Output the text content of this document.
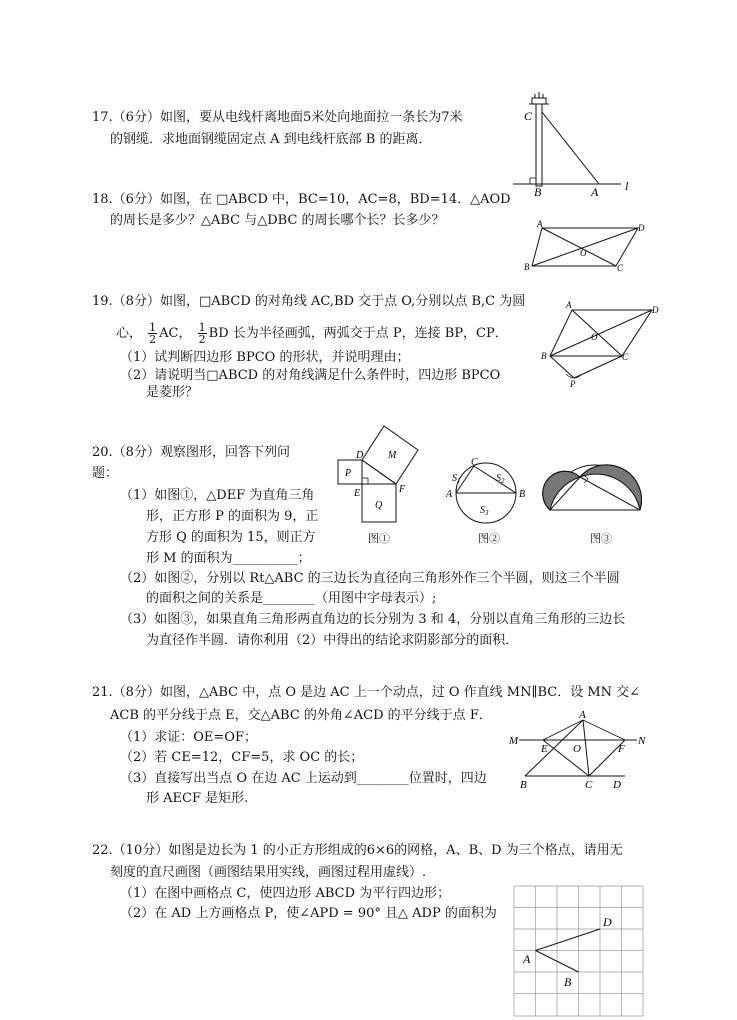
17.（6分）如图，要从电线杆离地面5米处向地面拉一条长为7米
的钢缆．求地面钢缆固定点 A 到电线杆底部 B 的距离．
C
B	A l
18.（6分）如图，在 □ABCD 中，BC=10，AC=8，BD=14．△AOD
的周长是多少？△ABC 与△DBC 的周长哪个长？长多少？	A	D
B	C
O
19.（8分）如图，□ABCD 的对角线 AC,BD 交于点 O,分别以点 B,C 为圆
心， $\frac{1}{2}$ AC， $\frac{1}{2}$ BD 长为半径画弧，两弧交于点 P，连接 BP，CP．
（1）试判断四边形 BPCO 的形状，并说明理由；
（2）请说明当□ABCD 的对角线满足什么条件时，四边形 BPCO
是菱形？
A	D
B	C
O
P
20.（8分）观察图形，回答下列问
题：
（1）如图①，△DEF 为直角三角
形，正方形 P 的面积为 9，正
方形 Q 的面积为 15，则正方
形 M 的面积为__________；
（2）如图②，分别以 Rt△ABC 的三边长为直径向三角形外作三个半圆，则这三个半圆
的面积之间的关系是________（用图中字母表示）;
（3）如图③，如果直角三角形两直角边的长分别为 3 和 4，分别以直角三角形的三边长
为直径作半圆．请你利用（2）中得出的结论求阴影部分的面积．
D M
P
E	F
Q
图①
C
$S_1$	$S_2$
$S_3$
A	B
图②	图③
21.（8分）如图，△ABC 中，点 O 是边 AC 上一个动点，过 O 作直线 MN∥BC．设 MN 交∠
ACB 的平分线于点 E，交△ABC 的外角∠ACD 的平分线于点 F．
（1）求证：OE=OF；
（2）若 CE=12，CF=5，求 OC 的长；
（3）直接写出当点 O 在边 AC 上运动到________位置时，四边
形 AECF 是矩形.
A
M
E O	F
N
B	C D
22.（10分）如图是边长为 1 的小正方形组成的6×6的网格，A、B、D 为三个格点，请用无
刻度的直尺画图（画图结果用实线，画图过程用虚线）.
（1）在图中画格点 C，使四边形 ABCD 为平行四边形；
（2）在 AD 上方画格点 P，使∠APD = 90° 且△ ADP 的面积为
D
A
B
